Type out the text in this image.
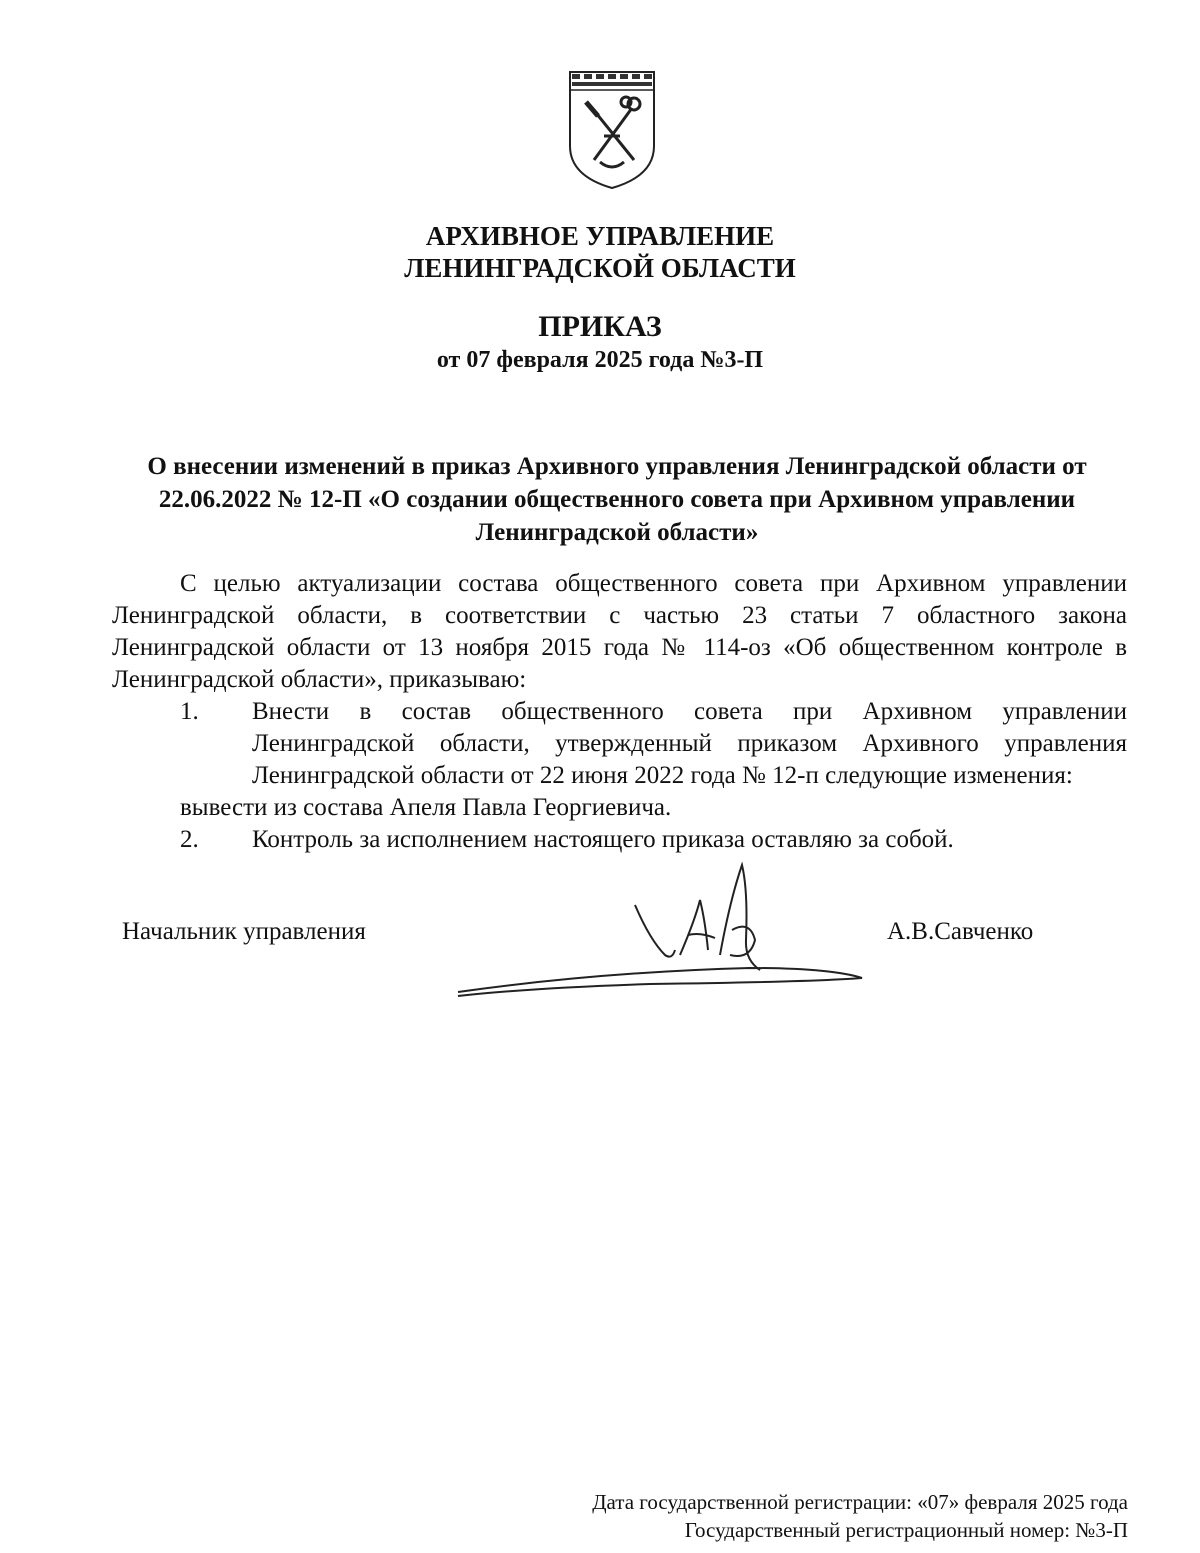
АРХИВНОЕ УПРАВЛЕНИЕ
ЛЕНИНГРАДСКОЙ ОБЛАСТИ
ПРИКАЗ
от 07 февраля 2025 года №3-П
О внесении изменений в приказ Архивного управления Ленинградской области от 22.06.2022 № 12-П «О создании общественного совета при Архивном управлении Ленинградской области»

С целью актуализации состава общественного совета при Архивном управлении Ленинградской области, в соответствии с частью 23 статьи 7 областного закона Ленинградской области от 13 ноября 2015 года № 114-оз «Об общественном контроле в Ленинградской области», приказываю:

1.	Внести в состав общественного совета при Архивном управлении Ленинградской области, утвержденный приказом Архивного управления Ленинградской области от 22 июня 2022 года № 12-п следующие изменения:

вывести из состава Апеля Павла Георгиевича.

2.	Контроль за исполнением настоящего приказа оставляю за собой.
Начальник управления	А.В.Савченко
Дата государственной регистрации: «07» февраля 2025 года
Государственный регистрационный номер: №3-П
